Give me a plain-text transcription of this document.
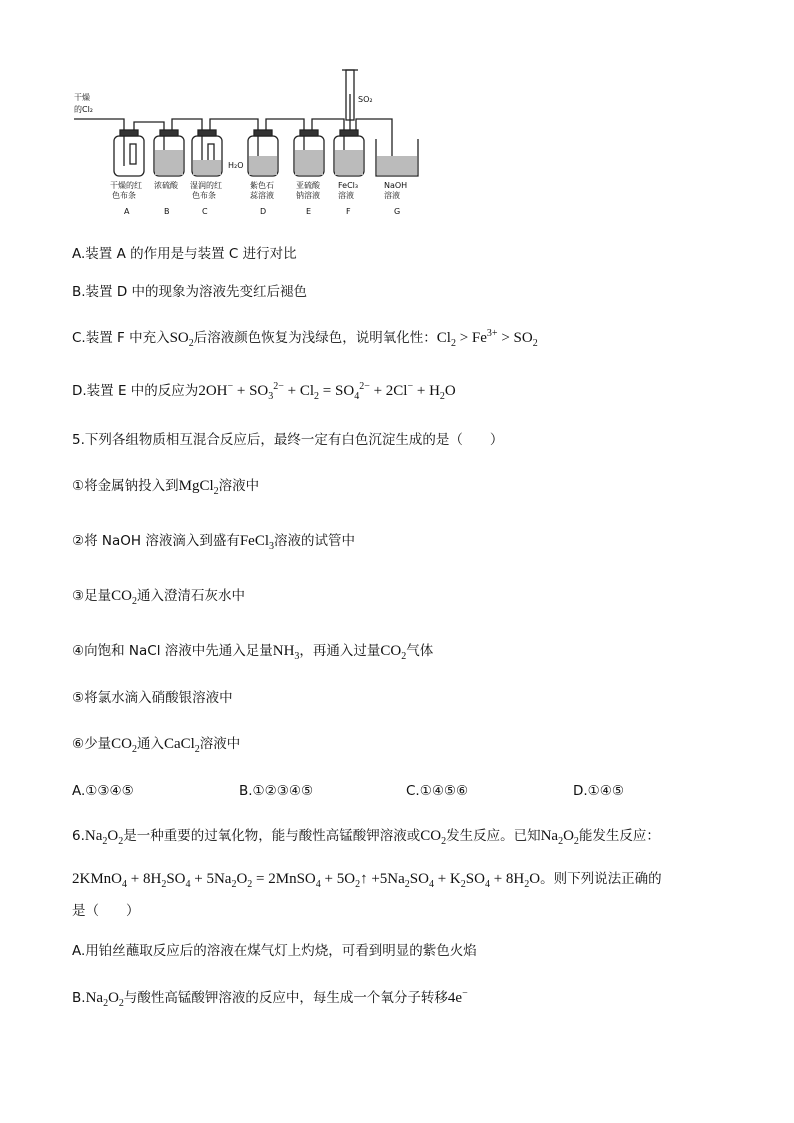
干燥
的Cl₂
SO₂
H₂O
干燥的红
色布条
浓硫酸 湿润的红
色布条
紫色石
蕊溶液
亚硫酸
钠溶液
FeCl₃
溶液
NaOH
溶液
A	B	C	D	E	F	G
A.装置 A 的作用是与装置 C 进行对比
B.装置 D 中的现象为溶液先变红后褪色
C.装置 F 中充入$SO_2$后溶液颜色恢复为浅绿色，说明氧化性：$Cl_2 > Fe^{3+} > SO_2$
D.装置 E 中的反应为$2OH^- + SO_3^{2-} + Cl_2 = SO_4^{2-} + 2Cl^- + H_2O$
5.下列各组物质相互混合反应后，最终一定有白色沉淀生成的是（　　）
①将金属钠投入到MgCl$_2$溶液中
②将 NaOH 溶液滴入到盛有FeCl$_3$溶液的试管中
③足量$CO_2$通入澄清石灰水中
④向饱和 NaCl 溶液中先通入足量$NH_3$，再通入过量$CO_2$气体
⑤将氯水滴入硝酸银溶液中
⑥少量$CO_2$通入CaCl$_2$溶液中
A.①③④⑤	B.①②③④⑤	C.①④⑤⑥	D.①④⑤
$6.Na_2O_2$是一种重要的过氧化物，能与酸性高锰酸钾溶液或$CO_2$发生反应。已知$Na_2O_2$能发生反应：
2KMnO$_4$ + $8H_2SO_4 + 5Na_2O_2$ = 2MnSO$_4$ + $5O_2↑ +5Na_2SO_4 + K_2SO_4 + 8H_2O$。则下列说法正确的
是（　　）
A.用铂丝蘸取反应后的溶液在煤气灯上灼烧，可看到明显的紫色火焰
$B.Na_2O_2$与酸性高锰酸钾溶液的反应中，每生成一个氧分子转移4e−
